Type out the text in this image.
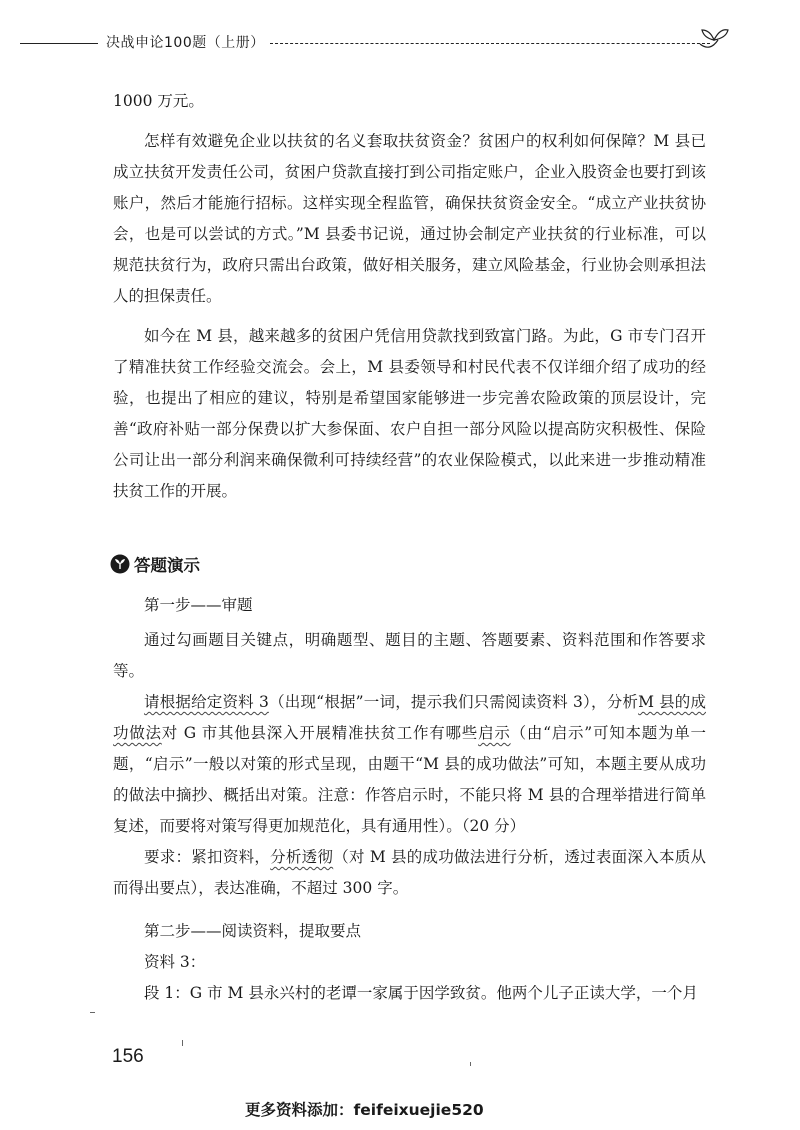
决战申论100题（上册）

1000 万元。

怎样有效避免企业以扶贫的名义套取扶贫资金？贫困户的权利如何保障？M 县已成立扶贫开发责任公司，贫困户贷款直接打到公司指定账户，企业入股资金也要打到该账户，然后才能施行招标。这样实现全程监管，确保扶贫资金安全。“成立产业扶贫协会，也是可以尝试的方式。”M 县委书记说，通过协会制定产业扶贫的行业标准，可以规范扶贫行为，政府只需出台政策，做好相关服务，建立风险基金，行业协会则承担法人的担保责任。

如今在 M 县，越来越多的贫困户凭信用贷款找到致富门路。为此，G 市专门召开了精准扶贫工作经验交流会。会上，M 县委领导和村民代表不仅详细介绍了成功的经验，也提出了相应的建议，特别是希望国家能够进一步完善农险政策的顶层设计，完善“政府补贴一部分保费以扩大参保面、农户自担一部分风险以提高防灾积极性、保险公司让出一部分利润来确保微利可持续经营”的农业保险模式，以此来进一步推动精准扶贫工作的开展。

答题演示

第一步——审题

通过勾画题目关键点，明确题型、题目的主题、答题要素、资料范围和作答要求等。

请根据给定资料 3（出现“根据”一词，提示我们只需阅读资料 3），分析M 县的成功做法对 G 市其他县深入开展精准扶贫工作有哪些启示（由“启示”可知本题为单一题，“启示”一般以对策的形式呈现，由题干“M 县的成功做法”可知，本题主要从成功的做法中摘抄、概括出对策。注意：作答启示时，不能只将 M 县的合理举措进行简单复述，而要将对策写得更加规范化，具有通用性）。（20 分）

要求：紧扣资料，分析透彻（对 M 县的成功做法进行分析，透过表面深入本质从而得出要点），表达准确，不超过 300 字。

第二步——阅读资料，提取要点

资料 3：

段 1：G 市 M 县永兴村的老谭一家属于因学致贫。他两个儿子正读大学，一个月

156
更多资料添加：feifeixuejie520
